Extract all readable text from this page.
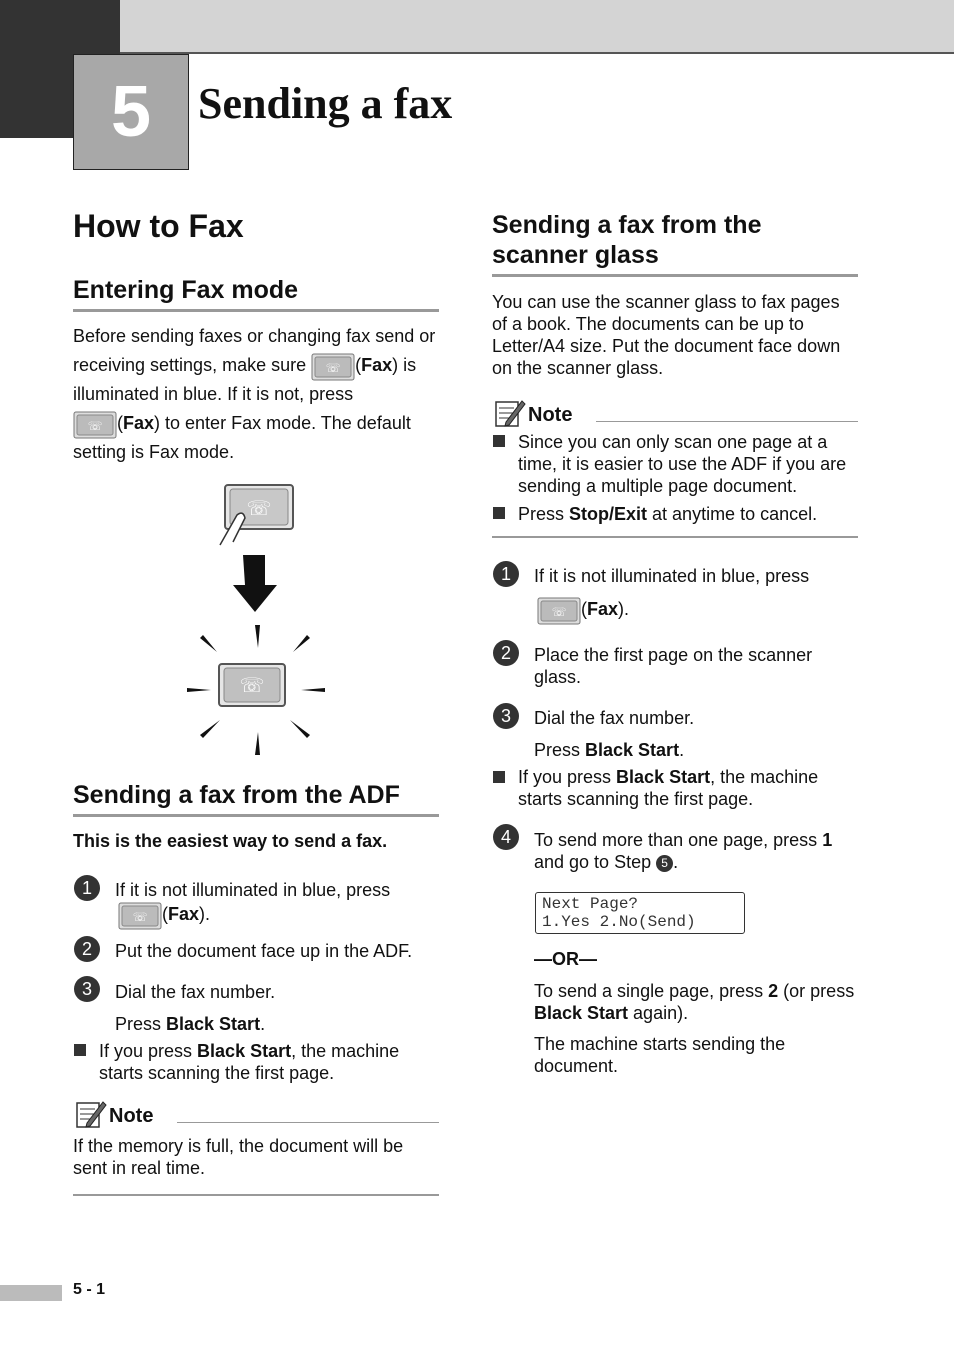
5	Sending a fax
How to Fax
Entering Fax mode
Before sending faxes or changing fax send or
receiving settings, make sure ☏ (Fax) is
illuminated in blue. If it is not, press
☏ (Fax) to enter Fax mode. The default
setting is Fax mode.
☏
☏
Sending a fax from the ADF
This is the easiest way to send a fax.
1	If it is not illuminated in blue, press
☏ (Fax).
2	Put the document face up in the ADF.
3	Dial the fax number.
Press Black Start.
If you press Black Start, the machine
starts scanning the first page.
Note
If the memory is full, the document will be
sent in real time.
Sending a fax from the
scanner glass
You can use the scanner glass to fax pages
of a book. The documents can be up to
Letter/A4 size. Put the document face down
on the scanner glass.
Note
Since you can only scan one page at a
time, it is easier to use the ADF if you are
sending a multiple page document.
Press Stop/Exit at anytime to cancel.
1	If it is not illuminated in blue, press
☏ (Fax).
2	Place the first page on the scanner
glass.
3	Dial the fax number.
Press Black Start.
If you press Black Start, the machine
starts scanning the first page.
4	To send more than one page, press 1
and go to Step 5 .
Next Page?
1.Yes 2.No(Send)
—OR—
To send a single page, press 2 (or press
Black Start again).
The machine starts sending the
document.
5 - 1
